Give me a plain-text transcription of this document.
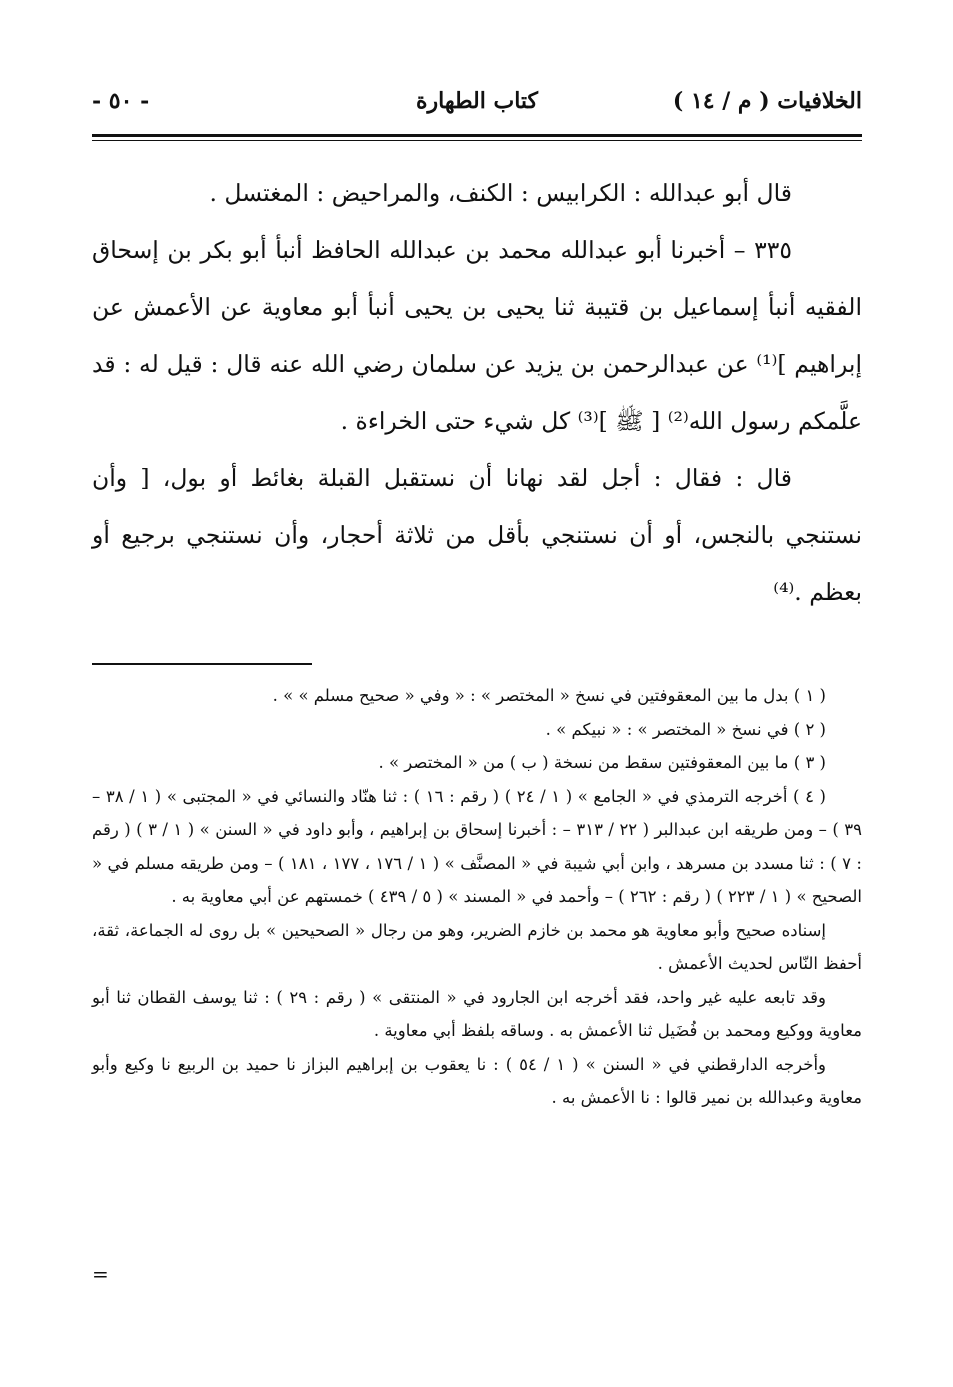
الخلافيات ( م / ١٤ )
كتاب الطهارة
- ٥٠ -

قال أبو عبدالله : الكرابيس : الكنف، والمراحيض : المغتسل .

٣٣٥ – أخبرنا أبو عبدالله محمد بن عبدالله الحافظ أنبأ أبو بكر بن إسحاق الفقيه أنبأ إسماعيل بن قتيبة ثنا يحيى بن يحيى أنبأ أبو معاوية عن الأعمش عن إبراهيم ]⁽¹⁾ عن عبدالرحمن بن يزيد عن سلمان رضي الله عنه قال : قيل له : قد علَّمكم رسول الله⁽²⁾ [ ﷺ ]⁽³⁾ كل شيء حتى الخراءة .

قال : فقال : أجل لقد نهانا أن نستقبل القبلة بغائط أو بول، [ وأن نستنجي بالنجس، أو أن نستنجي بأقل من ثلاثة أحجار، وأن نستنجي برجيع أو بعظم .⁽⁴⁾

( ١ ) بدل ما بين المعقوفتين في نسخ « المختصر » : « وفي « صحيح مسلم » » .

( ٢ ) في نسخ « المختصر » : « نبيكم » .

( ٣ ) ما بين المعقوفتين سقط من نسخة ( ب ) من « المختصر » .

( ٤ ) أخرجه الترمذي في « الجامع » ( ١ / ٢٤ ) ( رقم : ١٦ ) : ثنا هنّاد والنسائي في « المجتبى » ( ١ / ٣٨ – ٣٩ ) – ومن طريقه ابن عبدالبر ( ٢٢ / ٣١٣ – : أخبرنا إسحاق بن إبراهيم ، وأبو داود في « السنن » ( ١ / ٣ ) ( رقم : ٧ ) : ثنا مسدد بن مسرهد ، وابن أبي شيبة في « المصنَّف » ( ١ / ١٧٦ ، ١٧٧ ، ١٨١ ) – ومن طريقه مسلم في « الصحيح » ( ١ / ٢٢٣ ) ( رقم : ٢٦٢ ) – وأحمد في « المسند » ( ٥ / ٤٣٩ ) خمستهم عن أبي معاوية به .

إسناده صحيح وأبو معاوية هو محمد بن خازم الضرير، وهو من رجال « الصحيحين » بل روى له الجماعة، ثقة، أحفظ النّاس لحديث الأعمش .

وقد تابعه عليه غير واحد، فقد أخرجه ابن الجارود في « المنتقى » ( رقم : ٢٩ ) : ثنا يوسف القطان ثنا أبو معاوية ووكيع ومحمد بن فُضَيل ثنا الأعمش به . وساقه بلفظ أبي معاوية .

وأخرجه الدارقطني في « السنن » ( ١ / ٥٤ ) : نا يعقوب بن إبراهيم البزاز نا حميد بن الربيع نا وكيع وأبو معاوية وعبدالله بن نمير قالوا : نا الأعمش به .

=
